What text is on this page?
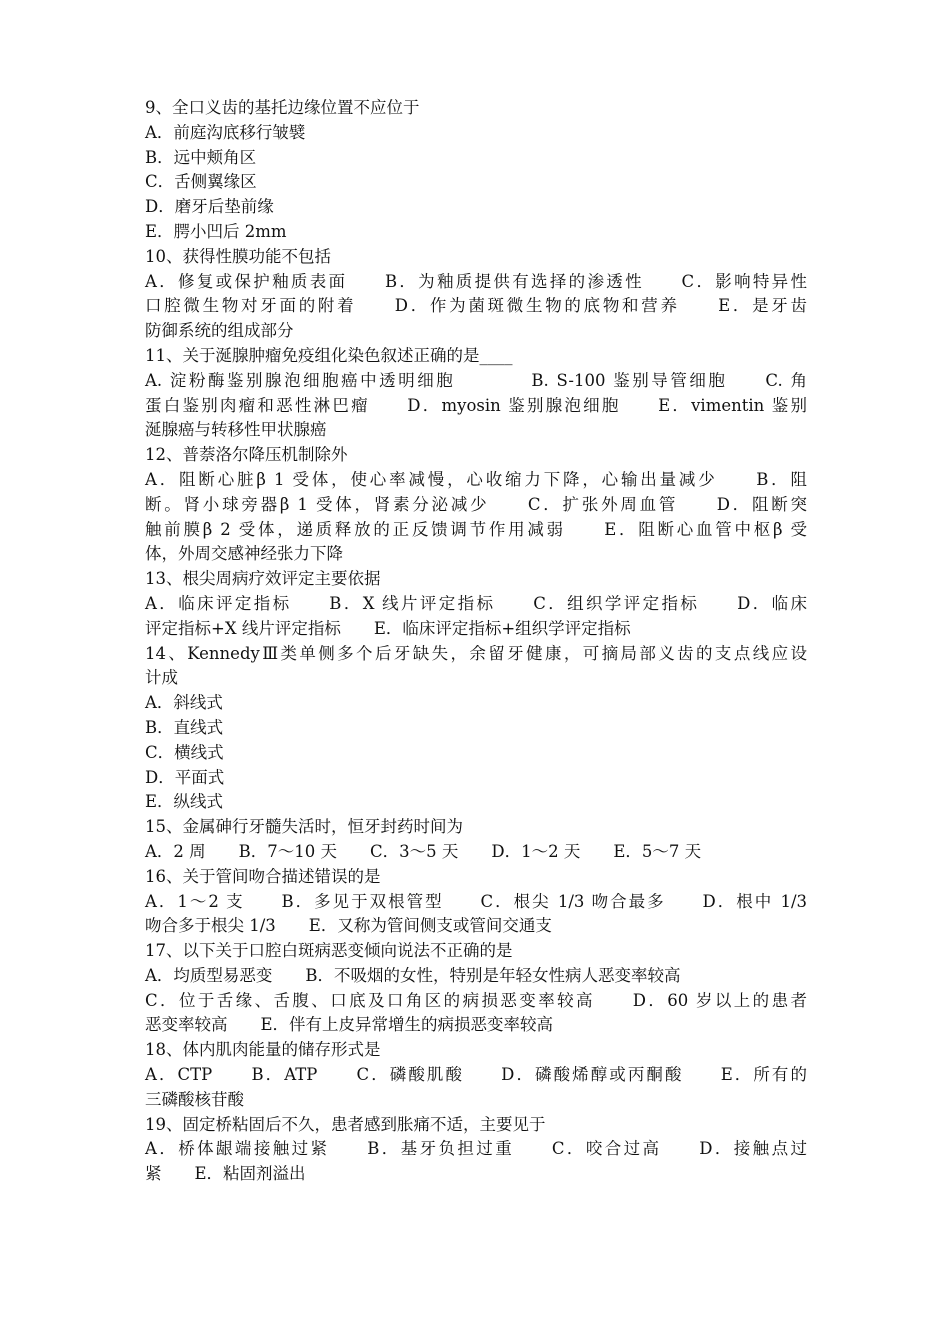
9、全口义齿的基托边缘位置不应位于
A．前庭沟底移行皱襞
B．远中颊角区
C．舌侧翼缘区
D．磨牙后垫前缘
E．腭小凹后 2mm
10、获得性膜功能不包括
A．修复或保护釉质表面　　B．为釉质提供有选择的渗透性　　C．影响特异性
口腔微生物对牙面的附着　　D．作为菌斑微生物的底物和营养　　E．是牙齿
防御系统的组成部分
11、关于涎腺肿瘤免疫组化染色叙述正确的是____
A. 淀粉酶鉴别腺泡细胞癌中透明细胞　　　　B. S-100 鉴别导管细胞　　C. 角
蛋白鉴别肉瘤和恶性淋巴瘤　　D．myosin 鉴别腺泡细胞　　E．vimentin 鉴别
涎腺癌与转移性甲状腺癌
12、普萘洛尔降压机制除外
A．阻断心脏β 1 受体，使心率减慢，心收缩力下降，心输出量减少　　B．阻
断。肾小球旁器β 1 受体，肾素分泌减少　　C．扩张外周血管　　D．阻断突
触前膜β 2 受体，递质释放的正反馈调节作用减弱　　E．阻断心血管中枢β 受
体，外周交感神经张力下降
13、根尖周病疗效评定主要依据
A．临床评定指标　　B．X 线片评定指标　　C．组织学评定指标　　D．临床
评定指标+X 线片评定指标　　E．临床评定指标+组织学评定指标
14、KennedyⅢ类单侧多个后牙缺失，余留牙健康，可摘局部义齿的支点线应设
计成
A．斜线式
B．直线式
C．横线式
D．平面式
E．纵线式
15、金属砷行牙髓失活时，恒牙封药时间为
A．2 周　　B．7～10 天　　C．3～5 天　　D．1～2 天　　E．5～7 天
16、关于管间吻合描述错误的是
A．1～2 支　　B．多见于双根管型　　C．根尖 1/3 吻合最多　　D．根中 1/3
吻合多于根尖 1/3　　E．又称为管间侧支或管间交通支
17、以下关于口腔白斑病恶变倾向说法不正确的是
A．均质型易恶变　　B．不吸烟的女性，特别是年轻女性病人恶变率较高
C．位于舌缘、舌腹、口底及口角区的病损恶变率较高　　D．60 岁以上的患者
恶变率较高　　E．伴有上皮异常增生的病损恶变率较高
18、体内肌肉能量的储存形式是
A．CTP　　B．ATP　　C．磷酸肌酸　　D．磷酸烯醇或丙酮酸　　E．所有的
三磷酸核苷酸
19、固定桥粘固后不久，患者感到胀痛不适，主要见于
A．桥体龈端接触过紧　　B．基牙负担过重　　C．咬合过高　　D．接触点过
紧　　E．粘固剂溢出
